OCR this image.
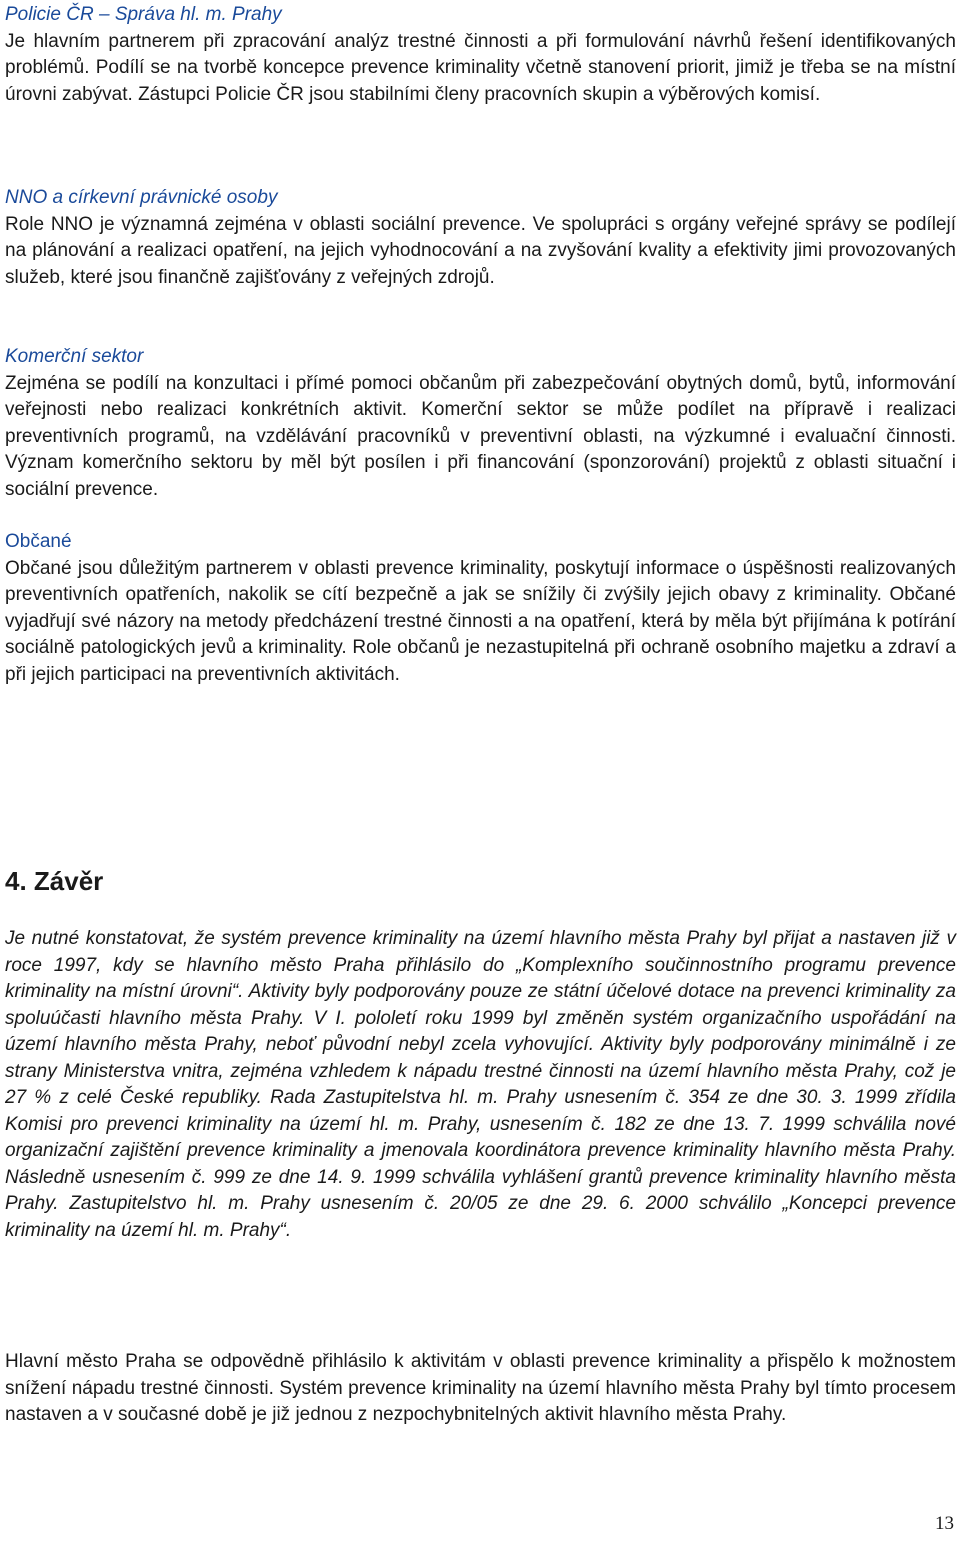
Policie ČR – Správa hl. m. Prahy
Je hlavním partnerem při zpracování analýz trestné činnosti a při formulování návrhů řešení identifikovaných problémů. Podílí se na tvorbě koncepce prevence kriminality včetně stanovení priorit, jimiž je třeba se na místní úrovni zabývat. Zástupci Policie ČR jsou stabilními členy pracovních skupin a výběrových komisí.

NNO a církevní právnické osoby
Role NNO je významná zejména v oblasti sociální prevence. Ve spolupráci s orgány veřejné správy se podílejí na plánování a realizaci opatření, na jejich vyhodnocování a na zvyšování kvality a efektivity jimi provozovaných služeb, které jsou finančně zajišťovány z veřejných zdrojů.

Komerční sektor
Zejména se podílí na konzultaci i přímé pomoci občanům při zabezpečování obytných domů, bytů, informování veřejnosti nebo realizaci konkrétních aktivit. Komerční sektor se může podílet na přípravě i realizaci preventivních programů, na vzdělávání pracovníků v preventivní oblasti, na výzkumné i evaluační činnosti. Význam komerčního sektoru by měl být posílen i při financování (sponzorování) projektů z oblasti situační i sociální prevence.

Občané
Občané jsou důležitým partnerem v oblasti prevence kriminality, poskytují informace o úspěšnosti realizovaných preventivních opatřeních, nakolik se cítí bezpečně a jak se snížily či zvýšily jejich obavy z kriminality. Občané vyjadřují své názory na metody předcházení trestné činnosti a na opatření, která by měla být přijímána k potírání sociálně patologických jevů a kriminality. Role občanů je nezastupitelná při ochraně osobního majetku a zdraví a při jejich participaci na preventivních aktivitách.

4. Závěr

Je nutné konstatovat, že systém prevence kriminality na území hlavního města Prahy byl přijat a nastaven již v roce 1997, kdy se hlavního město Praha přihlásilo do „Komplexního součinnostního programu prevence kriminality na místní úrovni“. Aktivity byly podporovány pouze ze státní účelové dotace na prevenci kriminality za spoluúčasti hlavního města Prahy. V I. pololetí roku 1999 byl změněn systém organizačního uspořádání na území hlavního města Prahy, neboť původní nebyl zcela vyhovující. Aktivity byly podporovány minimálně i ze strany Ministerstva vnitra, zejména vzhledem k nápadu trestné činnosti na území hlavního města Prahy, což je 27 % z celé České republiky. Rada Zastupitelstva hl. m. Prahy usnesením č. 354 ze dne 30. 3. 1999 zřídila Komisi pro prevenci kriminality na území hl. m. Prahy, usnesením č. 182 ze dne 13. 7. 1999 schválila nové organizační zajištění prevence kriminality a jmenovala koordinátora prevence kriminality hlavního města Prahy. Následně usnesením č. 999 ze dne 14. 9. 1999 schválila vyhlášení grantů prevence kriminality hlavního města Prahy. Zastupitelstvo hl. m. Prahy usnesením č. 20/05 ze dne 29. 6. 2000 schválilo „Koncepci prevence kriminality na území hl. m. Prahy“.

Hlavní město Praha se odpovědně přihlásilo k aktivitám v oblasti prevence kriminality a přispělo k možnostem snížení nápadu trestné činnosti. Systém prevence kriminality na území hlavního města Prahy byl tímto procesem nastaven a v současné době je již jednou z nezpochybnitelných aktivit hlavního města Prahy.

13
